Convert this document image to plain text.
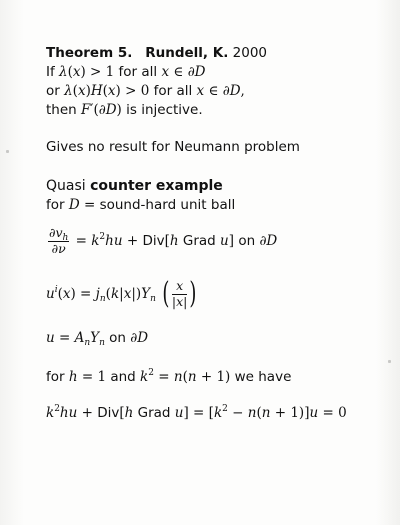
Theorem 5. Rundell, K. 2000
If λ(x) > 1 for all x ∈ ∂D
or λ(x)H(x) > 0 for all x ∈ ∂D,
then F′(∂D) is injective.
Gives no result for Neumann problem
Quasi counter example
for D = sound-hard unit ball
$\frac{\partial v_h}{\partial\nu} = k^2hu + Div[h$ Grad u] on ∂D
$u^i(x) = j_n(k|x|)Y_n$ ( $\frac{x}{|x|}$ )
$u = A_nY_n$ on ∂D
for h = 1 and $k^2 = n(n + 1)$ we have
$k^2hu + Div[h$ Grad $u] = [k^2 - n(n + 1)]u = 0$
